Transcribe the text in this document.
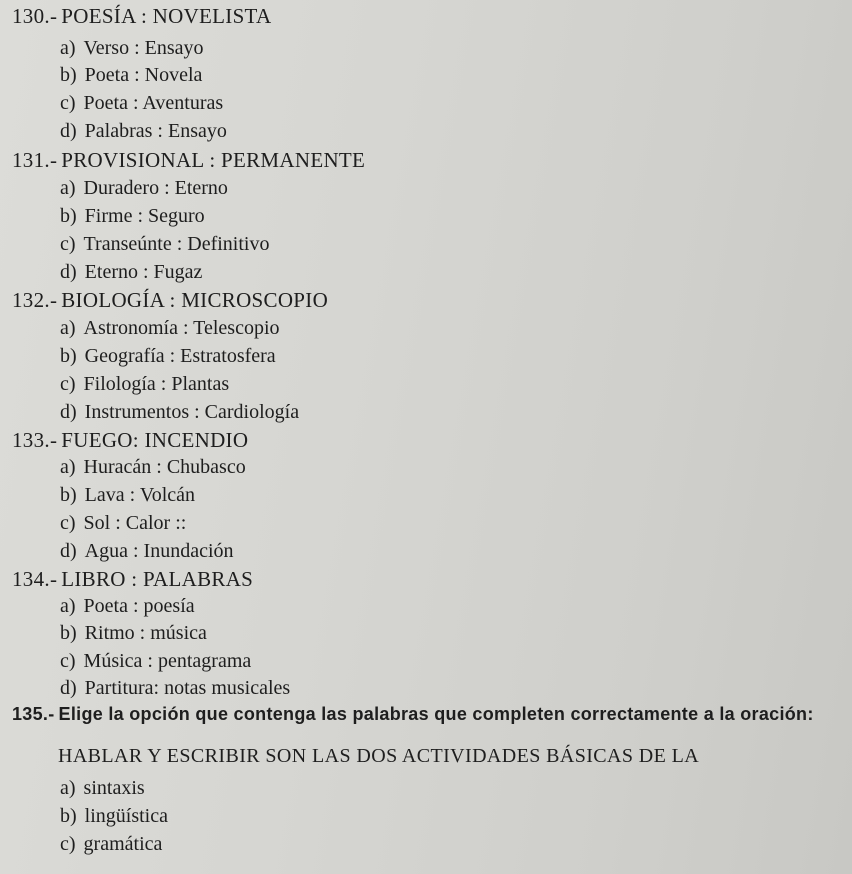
130.- POESÍA : NOVELISTA
a) Verso : Ensayo
b) Poeta : Novela
c) Poeta : Aventuras
d) Palabras : Ensayo
131.- PROVISIONAL : PERMANENTE
a) Duradero : Eterno
b) Firme : Seguro
c) Transeúnte : Definitivo
d) Eterno : Fugaz
132.- BIOLOGÍA : MICROSCOPIO
a) Astronomía : Telescopio
b) Geografía : Estratosfera
c) Filología : Plantas
d) Instrumentos : Cardiología
133.- FUEGO: INCENDIO
a) Huracán : Chubasco
b) Lava : Volcán
c) Sol : Calor ::
d) Agua : Inundación
134.- LIBRO : PALABRAS
a) Poeta : poesía
b) Ritmo : música
c) Música : pentagrama
d) Partitura: notas musicales
135.- Elige la opción que contenga las palabras que completen correctamente a la oración:
HABLAR Y ESCRIBIR SON LAS DOS ACTIVIDADES BÁSICAS DE LA
a) sintaxis
b) lingüística
c) gramática
